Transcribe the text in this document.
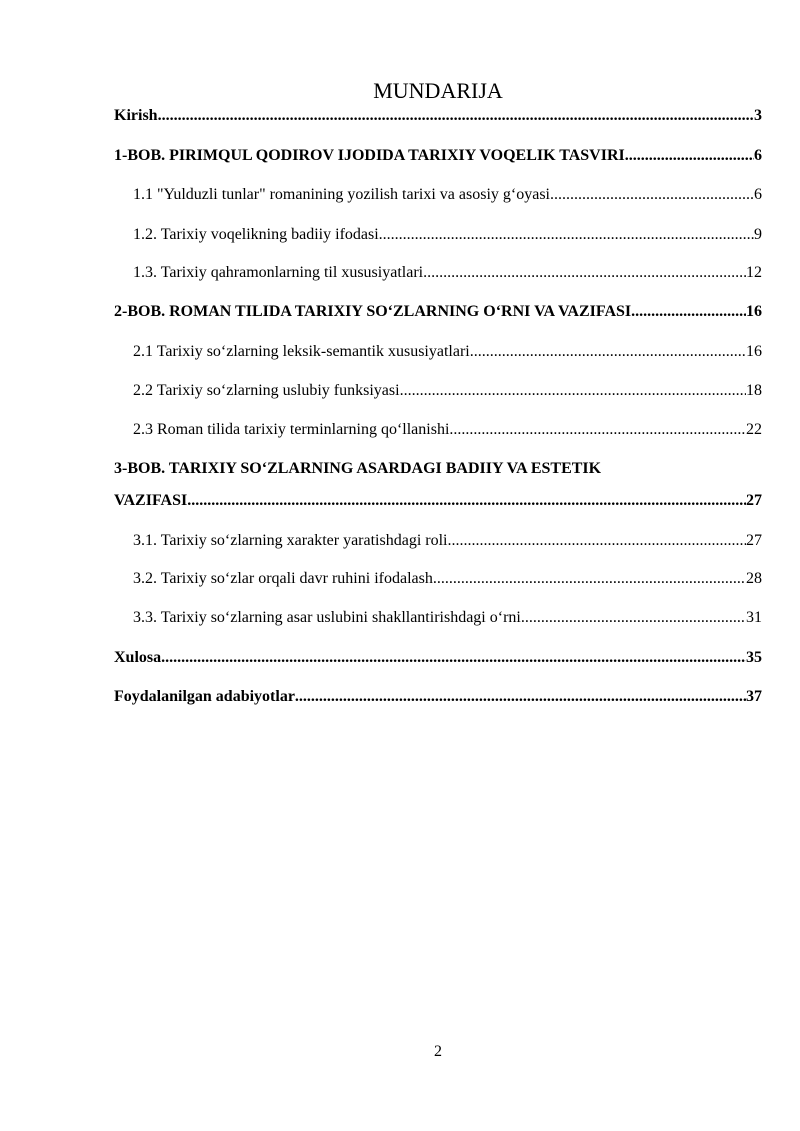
MUNDARIJA
Kirish .....	3
1-BOB. PIRIMQUL QODIROV IJODIDA TARIXIY VOQELIK TASVIRI .....	6
1.1 "Yulduzli tunlar" romanining yozilish tarixi va asosiy g‘oyasi .....	6
1.2. Tarixiy voqelikning badiiy ifodasi .....	9
1.3. Tarixiy qahramonlarning til xususiyatlari .....	12
2-BOB. ROMAN TILIDA TARIXIY SO‘ZLARNING O‘RNI VA VAZIFASI. .....	16
2.1 Tarixiy so‘zlarning leksik-semantik xususiyatlari .....	16
2.2 Tarixiy so‘zlarning uslubiy funksiyasi .....	18
2.3 Roman tilida tarixiy terminlarning qo‘llanishi .....	22
3-BOB. TARIXIY SO‘ZLARNING ASARDAGI BADIIY VA ESTETIK
VAZIFASI .....	27
3.1. Tarixiy so‘zlarning xarakter yaratishdagi roli .....	27
3.2. Tarixiy so‘zlar orqali davr ruhini ifodalash .....	28
3.3. Tarixiy so‘zlarning asar uslubini shakllantirishdagi o‘rni .....	31
Xulosa .....	35
Foydalanilgan adabiyotlar .....	37
2
